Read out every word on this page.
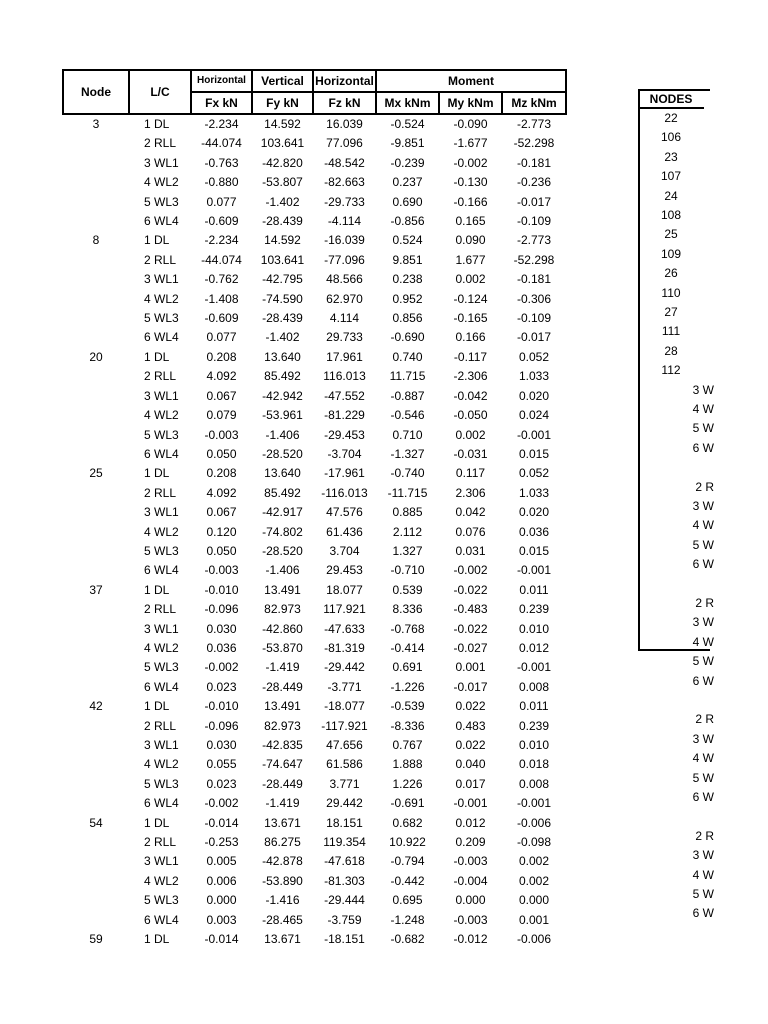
Node	L/C	Horizontal	Vertical	Horizontal	Moment		
		Fx kN	Fy kN	Fz kN	Mx kNm	My kNm	Mz kNm
3	1 DL	-2.234	14.592	16.039	-0.524	-0.090	-2.773
	2 RLL	-44.074	103.641	77.096	-9.851	-1.677	-52.298
	3 WL1	-0.763	-42.820	-48.542	-0.239	-0.002	-0.181
	4 WL2	-0.880	-53.807	-82.663	0.237	-0.130	-0.236
	5 WL3	0.077	-1.402	-29.733	0.690	-0.166	-0.017
	6 WL4	-0.609	-28.439	-4.114	-0.856	0.165	-0.109
8	1 DL	-2.234	14.592	-16.039	0.524	0.090	-2.773
	2 RLL	-44.074	103.641	-77.096	9.851	1.677	-52.298
	3 WL1	-0.762	-42.795	48.566	0.238	0.002	-0.181
	4 WL2	-1.408	-74.590	62.970	0.952	-0.124	-0.306
	5 WL3	-0.609	-28.439	4.114	0.856	-0.165	-0.109
	6 WL4	0.077	-1.402	29.733	-0.690	0.166	-0.017
20	1 DL	0.208	13.640	17.961	0.740	-0.117	0.052
	2 RLL	4.092	85.492	116.013	11.715	-2.306	1.033
	3 WL1	0.067	-42.942	-47.552	-0.887	-0.042	0.020
	4 WL2	0.079	-53.961	-81.229	-0.546	-0.050	0.024
	5 WL3	-0.003	-1.406	-29.453	0.710	0.002	-0.001
	6 WL4	0.050	-28.520	-3.704	-1.327	-0.031	0.015
25	1 DL	0.208	13.640	-17.961	-0.740	0.117	0.052
	2 RLL	4.092	85.492	-116.013	-11.715	2.306	1.033
	3 WL1	0.067	-42.917	47.576	0.885	0.042	0.020
	4 WL2	0.120	-74.802	61.436	2.112	0.076	0.036
	5 WL3	0.050	-28.520	3.704	1.327	0.031	0.015
	6 WL4	-0.003	-1.406	29.453	-0.710	-0.002	-0.001
37	1 DL	-0.010	13.491	18.077	0.539	-0.022	0.011
	2 RLL	-0.096	82.973	117.921	8.336	-0.483	0.239
	3 WL1	0.030	-42.860	-47.633	-0.768	-0.022	0.010
	4 WL2	0.036	-53.870	-81.319	-0.414	-0.027	0.012
	5 WL3	-0.002	-1.419	-29.442	0.691	0.001	-0.001
	6 WL4	0.023	-28.449	-3.771	-1.226	-0.017	0.008
42	1 DL	-0.010	13.491	-18.077	-0.539	0.022	0.011
	2 RLL	-0.096	82.973	-117.921	-8.336	0.483	0.239
	3 WL1	0.030	-42.835	47.656	0.767	0.022	0.010
	4 WL2	0.055	-74.647	61.586	1.888	0.040	0.018
	5 WL3	0.023	-28.449	3.771	1.226	0.017	0.008
	6 WL4	-0.002	-1.419	29.442	-0.691	-0.001	-0.001
54	1 DL	-0.014	13.671	18.151	0.682	0.012	-0.006
	2 RLL	-0.253	86.275	119.354	10.922	0.209	-0.098
	3 WL1	0.005	-42.878	-47.618	-0.794	-0.003	0.002
	4 WL2	0.006	-53.890	-81.303	-0.442	-0.004	0.002
	5 WL3	0.000	-1.416	-29.444	0.695	0.000	0.000
	6 WL4	0.003	-28.465	-3.759	-1.248	-0.003	0.001
59	1 DL	-0.014	13.671	-18.151	-0.682	-0.012	-0.006
NODES
22
106
23
107
24
108
25
109
26
110
27
111
28
112
3 W
4 W
5 W
6 W
2 R
3 W
4 W
5 W
6 W
2 R
3 W
4 W
5 W
6 W
2 R
3 W
4 W
5 W
6 W
2 R
3 W
4 W
5 W
6 W
